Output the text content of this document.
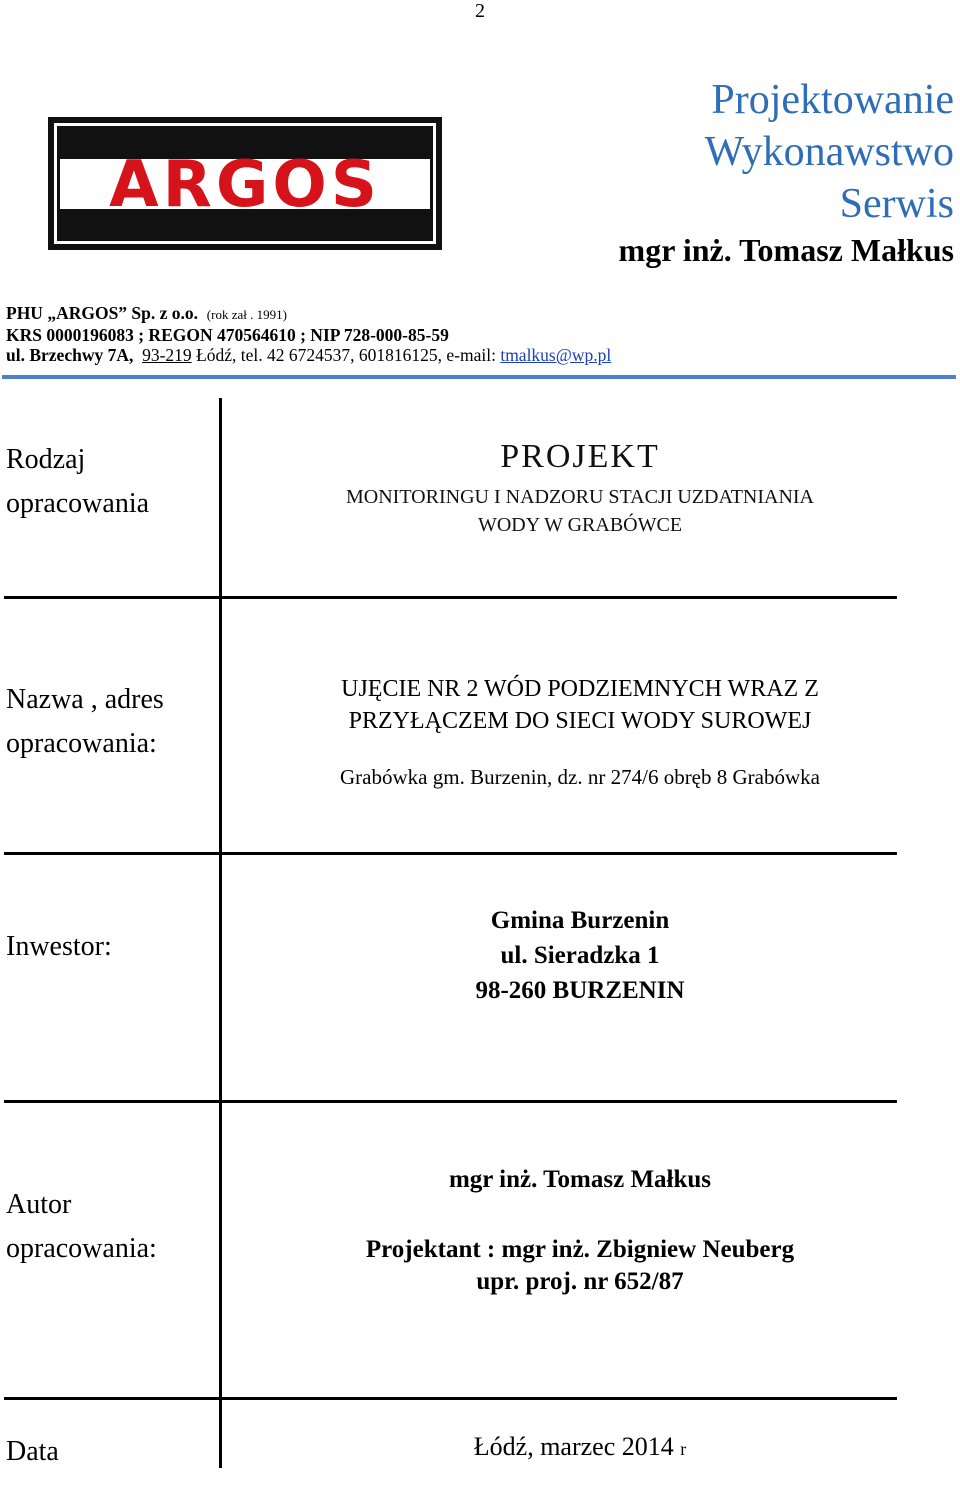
2
ARGOS
Projektowanie
Wykonawstwo
Serwis
mgr inż. Tomasz Małkus
PHU „ARGOS” Sp. z o.o. (rok zał . 1991)
KRS 0000196083 ; REGON 470564610 ; NIP 728-000-85-59
ul. Brzechwy 7A, 93-219 Łódź, tel. 42 6724537, 601816125, e-mail: tmalkus@wp.pl
Rodzaj
opracowania
PROJEKT
MONITORINGU I NADZORU STACJI UZDATNIANIA
WODY W GRABÓWCE
Nazwa , adres
opracowania:
UJĘCIE NR 2 WÓD PODZIEMNYCH WRAZ Z
PRZYŁĄCZEM DO SIECI WODY SUROWEJ
Grabówka gm. Burzenin, dz. nr 274/6 obręb 8 Grabówka
Inwestor:
Gmina Burzenin
ul. Sieradzka 1
98-260 BURZENIN
Autor
opracowania:
mgr inż. Tomasz Małkus
Projektant : mgr inż. Zbigniew Neuberg
upr. proj. nr 652/87
Data	Łódź, marzec 2014 r
